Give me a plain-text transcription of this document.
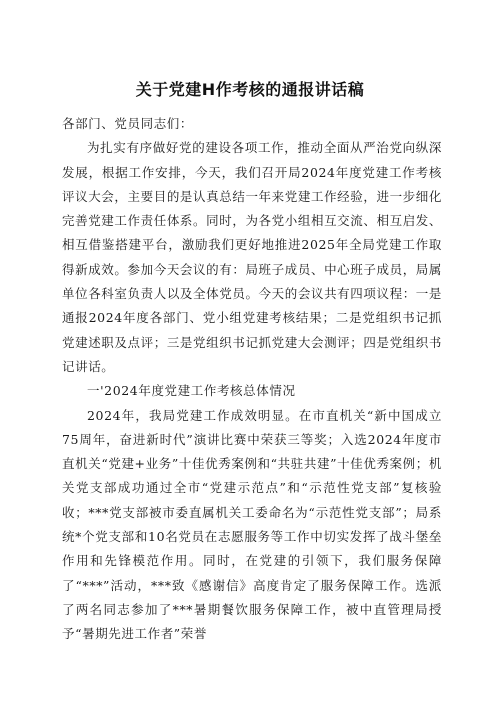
关于党建H作考核的通报讲话稿

各部门、党员同志们：

为扎实有序做好党的建设各项工作，推动全面从严治党向纵深发展，根据工作安排，今天，我们召开局2024年度党建工作考核评议大会，主要目的是认真总结一年来党建工作经验，进一步细化完善党建工作责任体系。同时，为各党小组相互交流、相互启发、相互借鉴搭建平台，激励我们更好地推进2025年全局党建工作取得新成效。参加今天会议的有：局班子成员、中心班子成员，局属单位各科室负责人以及全体党员。今天的会议共有四项议程：一是通报2024年度各部门、党小组党建考核结果；二是党组织书记抓党建述职及点评；三是党组织书记抓党建大会测评；四是党组织书记讲话。

一'2024年度党建工作考核总体情况

2024年，我局党建工作成效明显。在市直机关“新中国成立75周年，奋进新时代”演讲比赛中荣获三等奖；入选2024年度市直机关“党建+业务”十佳优秀案例和“共驻共建”十佳优秀案例；机关党支部成功通过全市“党建示范点”和“示范性党支部”复核验收；***党支部被市委直属机关工委命名为“示范性党支部”；局系统*个党支部和10名党员在志愿服务等工作中切实发挥了战斗堡垒作用和先锋模范作用。同时，在党建的引领下，我们服务保障了“***”活动，***致《感谢信》高度肯定了服务保障工作。选派了两名同志参加了***暑期餐饮服务保障工作，被中直管理局授予“暑期先进工作者”荣誉
